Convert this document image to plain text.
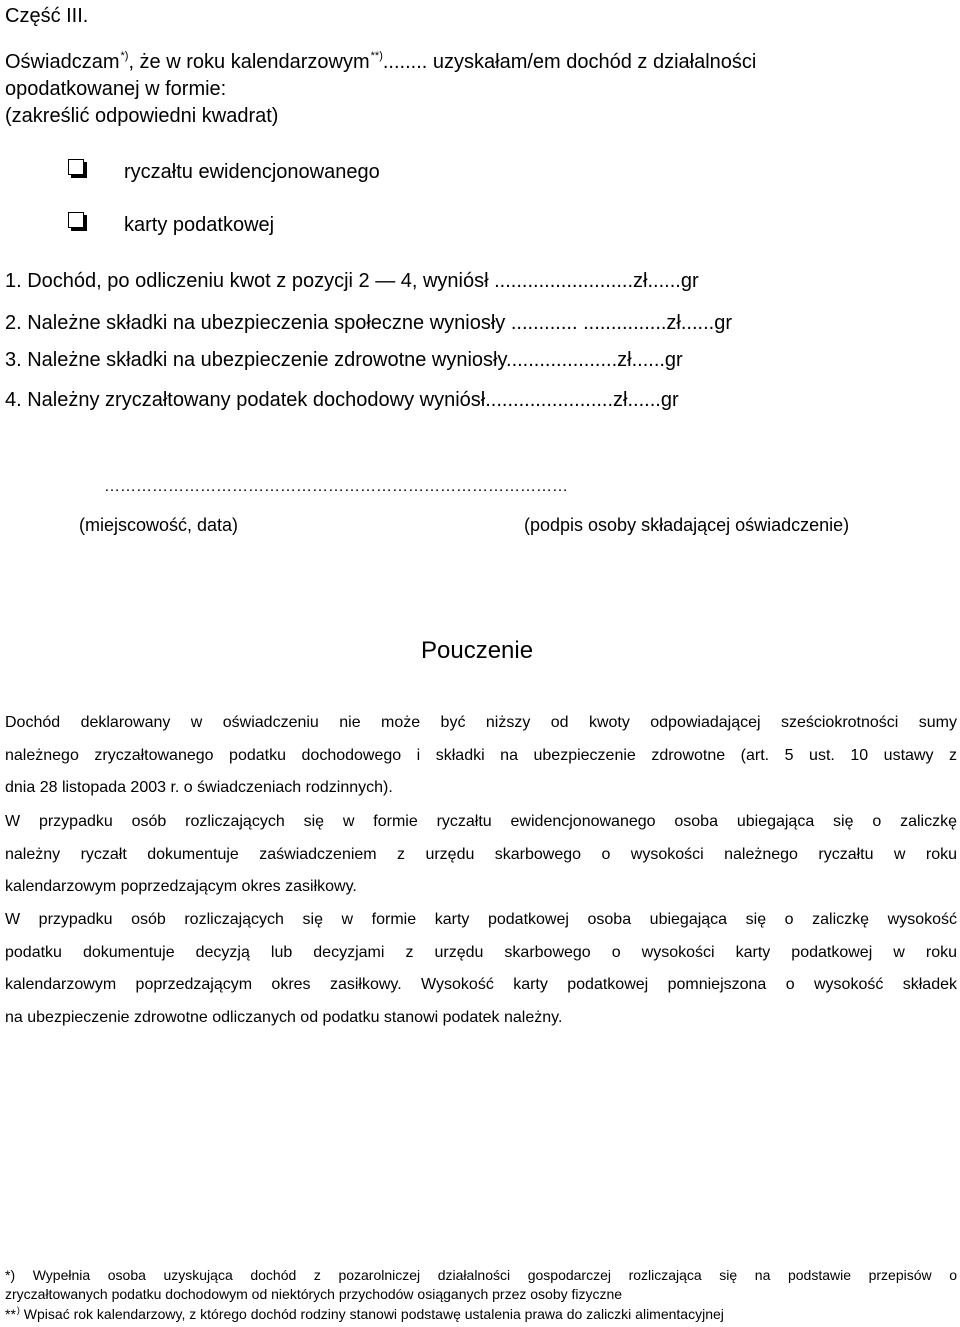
Część III.
Oświadczam*), że w roku kalendarzowym**)........ uzyskałam/em dochód z działalności
opodatkowanej w formie:
(zakreślić odpowiedni kwadrat)
ryczałtu ewidencjonowanego
karty podatkowej
1. Dochód, po odliczeniu kwot z pozycji 2 — 4, wyniósł .........................zł......gr
2. Należne składki na ubezpieczenia społeczne wyniosły ............ ...............zł......gr
3. Należne składki na ubezpieczenie zdrowotne wyniosły....................zł......gr
4. Należny zryczałtowany podatek dochodowy wyniósł.......................zł......gr
……………………………………………………………………………
(miejscowość, data)	(podpis osoby składającej oświadczenie)
Pouczenie
Dochód deklarowany w oświadczeniu nie może być niższy od kwoty odpowiadającej sześciokrotności sumy
należnego zryczałtowanego podatku dochodowego i składki na ubezpieczenie zdrowotne (art. 5 ust. 10 ustawy z
dnia 28 listopada 2003 r. o świadczeniach rodzinnych).
W przypadku osób rozliczających się w formie ryczałtu ewidencjonowanego osoba ubiegająca się o zaliczkę
należny ryczałt dokumentuje zaświadczeniem z urzędu skarbowego o wysokości należnego ryczałtu w roku
kalendarzowym poprzedzającym okres zasiłkowy.
W przypadku osób rozliczających się w formie karty podatkowej osoba ubiegająca się o zaliczkę wysokość
podatku dokumentuje decyzją lub decyzjami z urzędu skarbowego o wysokości karty podatkowej w roku
kalendarzowym poprzedzającym okres zasiłkowy. Wysokość karty podatkowej pomniejszona o wysokość składek
na ubezpieczenie zdrowotne odliczanych od podatku stanowi podatek należny.
*) Wypełnia osoba uzyskująca dochód z pozarolniczej działalności gospodarczej rozliczająca się na podstawie przepisów o
zryczałtowanych podatku dochodowym od niektórych przychodów osiąganych przez osoby fizyczne
**) Wpisać rok kalendarzowy, z którego dochód rodziny stanowi podstawę ustalenia prawa do zaliczki alimentacyjnej
